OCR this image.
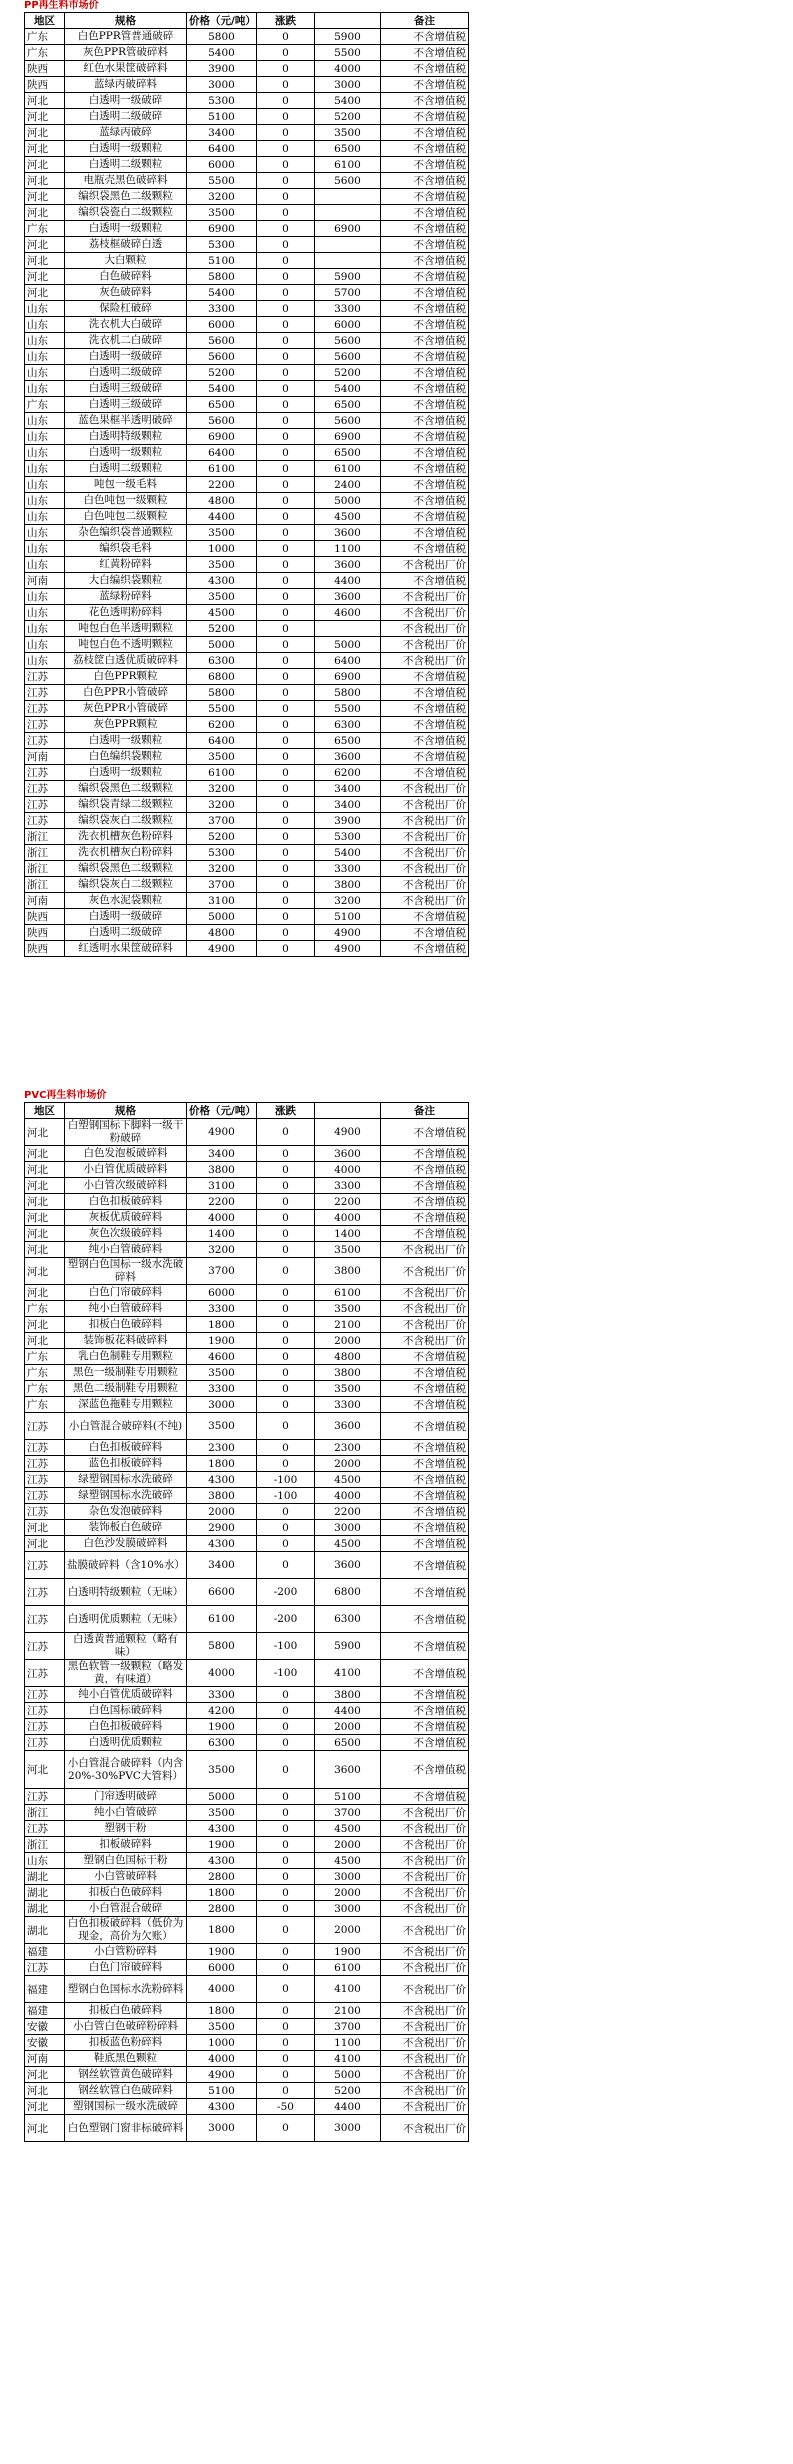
PP再生料市场价
地区	规格	价格（元/吨）	涨跌		备注
广东	白色PPR管普通破碎	5800	0	5900	不含增值税
广东	灰色PPR管破碎料	5400	0	5500	不含增值税
陕西	红色水果筐破碎料	3900	0	4000	不含增值税
陕西	蓝绿丙破碎料	3000	0	3000	不含增值税
河北	白透明一级破碎	5300	0	5400	不含增值税
河北	白透明二级破碎	5100	0	5200	不含增值税
河北	蓝绿丙破碎	3400	0	3500	不含增值税
河北	白透明一级颗粒	6400	0	6500	不含增值税
河北	白透明二级颗粒	6000	0	6100	不含增值税
河北	电瓶壳黑色破碎料	5500	0	5600	不含增值税
河北	编织袋黑色二级颗粒	3200	0		不含增值税
河北	编织袋瓷白二级颗粒	3500	0		不含增值税
广东	白透明一级颗粒	6900	0	6900	不含增值税
河北	荔枝框破碎白透	5300	0		不含增值税
河北	大白颗粒	5100	0		不含增值税
河北	白色破碎料	5800	0	5900	不含增值税
河北	灰色破碎料	5400	0	5700	不含增值税
山东	保险杠破碎	3300	0	3300	不含增值税
山东	洗衣机大白破碎	6000	0	6000	不含增值税
山东	洗衣机二白破碎	5600	0	5600	不含增值税
山东	白透明一级破碎	5600	0	5600	不含增值税
山东	白透明二级破碎	5200	0	5200	不含增值税
山东	白透明三级破碎	5400	0	5400	不含增值税
广东	白透明三级破碎	6500	0	6500	不含增值税
山东	蓝色果框半透明破碎	5600	0	5600	不含增值税
山东	白透明特级颗粒	6900	0	6900	不含增值税
山东	白透明一级颗粒	6400	0	6500	不含增值税
山东	白透明二级颗粒	6100	0	6100	不含增值税
山东	吨包一级毛料	2200	0	2400	不含增值税
山东	白色吨包一级颗粒	4800	0	5000	不含增值税
山东	白色吨包二级颗粒	4400	0	4500	不含增值税
山东	杂色编织袋普通颗粒	3500	0	3600	不含增值税
山东	编织袋毛料	1000	0	1100	不含增值税
山东	红黄粉碎料	3500	0	3600	不含税出厂价
河南	大白编织袋颗粒	4300	0	4400	不含增值税
山东	蓝绿粉碎料	3500	0	3600	不含税出厂价
山东	花色透明粉碎料	4500	0	4600	不含税出厂价
山东	吨包白色半透明颗粒	5200	0		不含税出厂价
山东	吨包白色不透明颗粒	5000	0	5000	不含税出厂价
山东	荔枝筐白透优质破碎料	6300	0	6400	不含税出厂价
江苏	白色PPR颗粒	6800	0	6900	不含增值税
江苏	白色PPR小管破碎	5800	0	5800	不含增值税
江苏	灰色PPR小管破碎	5500	0	5500	不含增值税
江苏	灰色PPR颗粒	6200	0	6300	不含增值税
江苏	白透明一级颗粒	6400	0	6500	不含增值税
河南	白色编织袋颗粒	3500	0	3600	不含增值税
江苏	白透明一级颗粒	6100	0	6200	不含增值税
江苏	编织袋黑色二级颗粒	3200	0	3400	不含税出厂价
江苏	编织袋青绿二级颗粒	3200	0	3400	不含税出厂价
江苏	编织袋灰白二级颗粒	3700	0	3900	不含税出厂价
浙江	洗衣机槽灰色粉碎料	5200	0	5300	不含税出厂价
浙江	洗衣机槽灰白粉碎料	5300	0	5400	不含税出厂价
浙江	编织袋黑色二级颗粒	3200	0	3300	不含税出厂价
浙江	编织袋灰白二级颗粒	3700	0	3800	不含税出厂价
河南	灰色水泥袋颗粒	3100	0	3200	不含税出厂价
陕西	白透明一级破碎	5000	0	5100	不含增值税
陕西	白透明二级破碎	4800	0	4900	不含增值税
陕西	红透明水果筐破碎料	4900	0	4900	不含增值税
PVC再生料市场价
地区	规格	价格（元/吨）	涨跌		备注
河北	白塑钢国标下脚料一级干粉破碎	4900	0	4900	不含增值税
河北	白色发泡板破碎料	3400	0	3600	不含增值税
河北	小白管优质破碎料	3800	0	4000	不含增值税
河北	小白管次级破碎料	3100	0	3300	不含增值税
河北	白色扣板破碎料	2200	0	2200	不含增值税
河北	灰板优质破碎料	4000	0	4000	不含增值税
河北	灰色次级破碎料	1400	0	1400	不含增值税
河北	纯小白管破碎料	3200	0	3500	不含税出厂价
河北	塑钢白色国标一级水洗破碎料	3700	0	3800	不含税出厂价
河北	白色门帘破碎料	6000	0	6100	不含税出厂价
广东	纯小白管破碎料	3300	0	3500	不含税出厂价
河北	扣板白色破碎料	1800	0	2100	不含税出厂价
河北	装饰板花料破碎料	1900	0	2000	不含税出厂价
广东	乳白色制鞋专用颗粒	4600	0	4800	不含增值税
广东	黑色一级制鞋专用颗粒	3500	0	3800	不含增值税
广东	黑色二级制鞋专用颗粒	3300	0	3500	不含增值税
广东	深蓝色拖鞋专用颗粒	3000	0	3300	不含增值税
江苏	小白管混合破碎料(不纯)	3500	0	3600	不含增值税
江苏	白色扣板破碎料	2300	0	2300	不含增值税
江苏	蓝色扣板破碎料	1800	0	2000	不含增值税
江苏	绿塑钢国标水洗破碎	4300	-100	4500	不含增值税
江苏	绿塑钢国标水洗破碎	3800	-100	4000	不含增值税
江苏	杂色发泡破碎料	2000	0	2200	不含增值税
河北	装饰板白色破碎	2900	0	3000	不含增值税
河北	白色沙发膜破碎料	4300	0	4500	不含增值税
江苏	盐膜破碎料（含10%水）	3400	0	3600	不含增值税
江苏	白透明特级颗粒（无味）	6600	-200	6800	不含增值税
江苏	白透明优质颗粒（无味）	6100	-200	6300	不含增值税
江苏	白透黄普通颗粒（略有味）	5800	-100	5900	不含增值税
江苏	黑色软管一级颗粒（略发黄，有味道）	4000	-100	4100	不含增值税
江苏	纯小白管优质破碎料	3300	0	3800	不含增值税
江苏	白色国标破碎料	4200	0	4400	不含增值税
江苏	白色扣板破碎料	1900	0	2000	不含增值税
江苏	白透明优质颗粒	6300	0	6500	不含增值税
河北	小白管混合破碎料（内含20%-30%PVC大管料）	3500	0	3600	不含增值税
江苏	门帘透明破碎	5000	0	5100	不含增值税
浙江	纯小白管破碎	3500	0	3700	不含税出厂价
江苏	塑钢干粉	4300	0	4500	不含税出厂价
浙江	扣板破碎料	1900	0	2000	不含税出厂价
山东	塑钢白色国标干粉	4300	0	4500	不含税出厂价
湖北	小白管破碎料	2800	0	3000	不含税出厂价
湖北	扣板白色破碎料	1800	0	2000	不含税出厂价
湖北	小白管混合破碎	2800	0	3000	不含税出厂价
湖北	白色扣板破碎料（低价为现金，高价为欠账）	1800	0	2000	不含税出厂价
福建	小白管粉碎料	1900	0	1900	不含税出厂价
江苏	白色门帘破碎料	6000	0	6100	不含税出厂价
福建	塑钢白色国标水洗粉碎料	4000	0	4100	不含税出厂价
福建	扣板白色破碎料	1800	0	2100	不含税出厂价
安徽	小白管白色破碎粉碎料	3500	0	3700	不含税出厂价
安徽	扣板蓝色粉碎料	1000	0	1100	不含税出厂价
河南	鞋底黑色颗粒	4000	0	4100	不含税出厂价
河北	钢丝软管黄色破碎料	4900	0	5000	不含税出厂价
河北	钢丝软管白色破碎料	5100	0	5200	不含税出厂价
河北	塑钢国标一级水洗破碎	4300	-50	4400	不含税出厂价
河北	白色塑钢门窗非标破碎料	3000	0	3000	不含税出厂价
